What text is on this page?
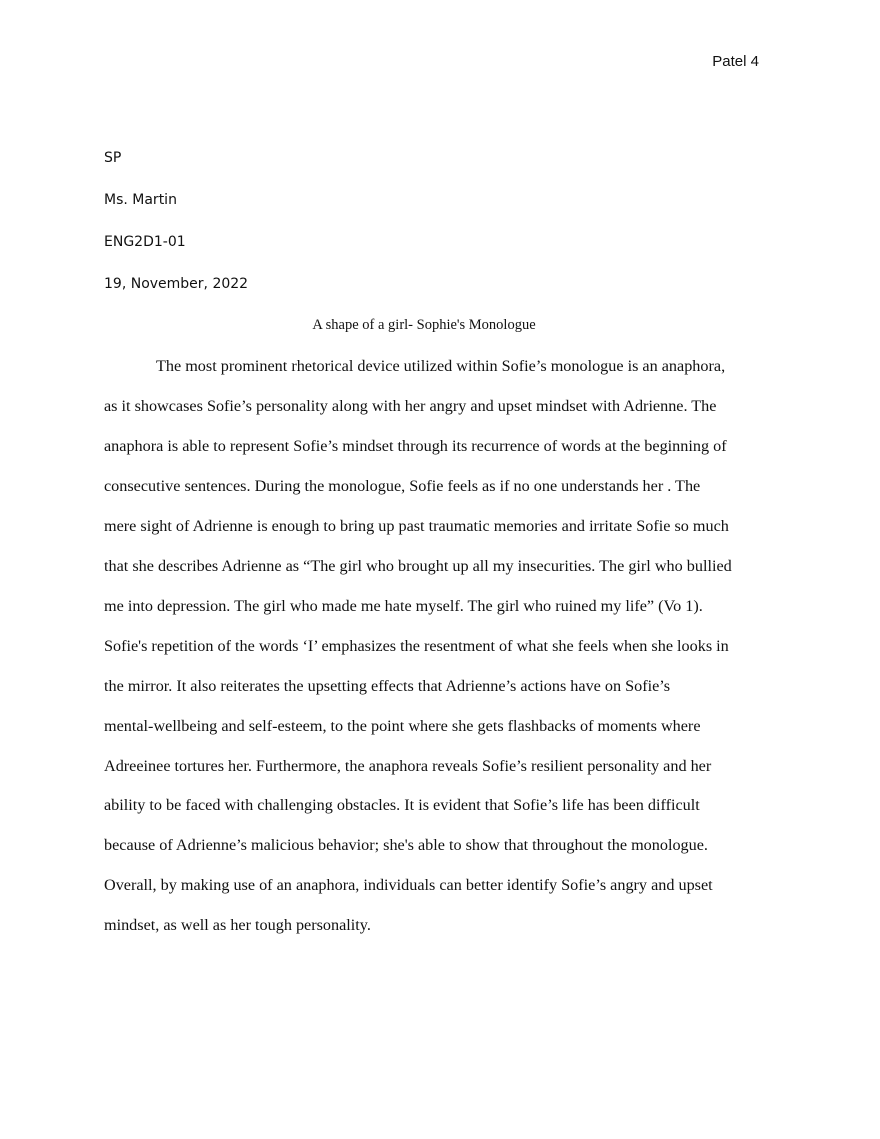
Patel 4
SP
Ms. Martin
ENG2D1-01
19, November, 2022
A shape of a girl- Sophie's Monologue

The most prominent rhetorical device utilized within Sofie’s monologue is an anaphora,
as it showcases Sofie’s personality along with her angry and upset mindset with Adrienne. The
anaphora is able to represent Sofie’s mindset through its recurrence of words at the beginning of
consecutive sentences. During the monologue, Sofie feels as if no one understands her . The
mere sight of Adrienne is enough to bring up past traumatic memories and irritate Sofie so much
that she describes Adrienne as “The girl who brought up all my insecurities. The girl who bullied
me into depression. The girl who made me hate myself. The girl who ruined my life” (Vo 1).
Sofie's repetition of the words ‘I’ emphasizes the resentment of what she feels when she looks in
the mirror. It also reiterates the upsetting effects that Adrienne’s actions have on Sofie’s
mental-wellbeing and self-esteem, to the point where she gets flashbacks of moments where
Adreeinee tortures her. Furthermore, the anaphora reveals Sofie’s resilient personality and her
ability to be faced with challenging obstacles. It is evident that Sofie’s life has been difficult
because of Adrienne’s malicious behavior; she's able to show that throughout the monologue.
Overall, by making use of an anaphora, individuals can better identify Sofie’s angry and upset
mindset, as well as her tough personality.
